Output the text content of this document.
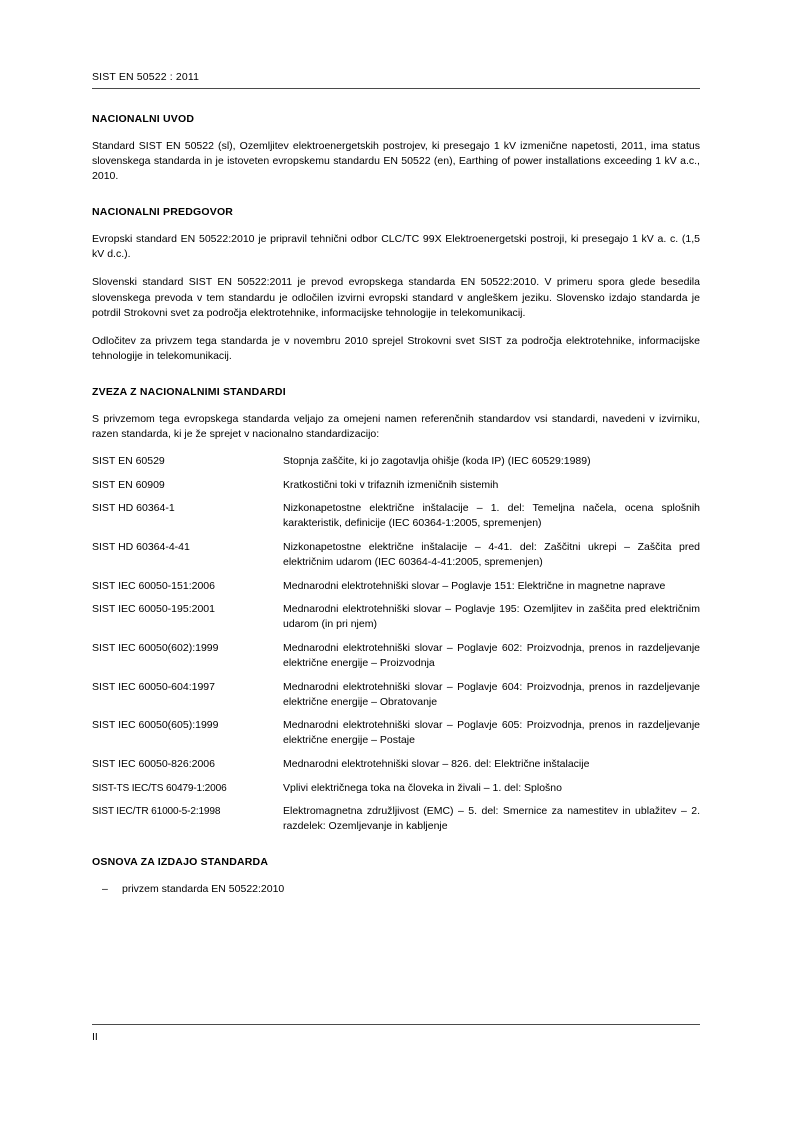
SIST EN 50522 : 2011
NACIONALNI UVOD

Standard SIST EN 50522 (sl), Ozemljitev elektroenergetskih postrojev, ki presegajo 1 kV izmenične napetosti, 2011, ima status slovenskega standarda in je istoveten evropskemu standardu EN 50522 (en), Earthing of power installations exceeding 1 kV a.c., 2010.

NACIONALNI PREDGOVOR

Evropski standard EN 50522:2010 je pripravil tehnični odbor CLC/TC 99X Elektroenergetski postroji, ki presegajo 1 kV a. c. (1,5 kV d.c.).

Slovenski standard SIST EN 50522:2011 je prevod evropskega standarda EN 50522:2010. V primeru spora glede besedila slovenskega prevoda v tem standardu je odločilen izvirni evropski standard v angleškem jeziku. Slovensko izdajo standarda je potrdil Strokovni svet za področja elektrotehnike, informacijske tehnologije in telekomunikacij.

Odločitev za privzem tega standarda je v novembru 2010 sprejel Strokovni svet SIST za področja elektrotehnike, informacijske tehnologije in telekomunikacij.

ZVEZA Z NACIONALNIMI STANDARDI

S privzemom tega evropskega standarda veljajo za omejeni namen referenčnih standardov vsi standardi, navedeni v izvirniku, razen standarda, ki je že sprejet v nacionalno standardizacijo:

SIST EN 60529	Stopnja zaščite, ki jo zagotavlja ohišje (koda IP) (IEC 60529:1989)
SIST EN 60909	Kratkostični toki v trifaznih izmeničnih sistemih
SIST HD 60364-1	Nizkonapetostne električne inštalacije – 1. del: Temeljna načela, ocena splošnih karakteristik, definicije (IEC 60364-1:2005, spremenjen)
SIST HD 60364-4-41	Nizkonapetostne električne inštalacije – 4-41. del: Zaščitni ukrepi – Zaščita pred električnim udarom (IEC 60364-4-41:2005, spremenjen)
SIST IEC 60050-151:2006	Mednarodni elektrotehniški slovar – Poglavje 151: Električne in magnetne naprave
SIST IEC 60050-195:2001	Mednarodni elektrotehniški slovar – Poglavje 195: Ozemljitev in zaščita pred električnim udarom (in pri njem)
SIST IEC 60050(602):1999	Mednarodni elektrotehniški slovar – Poglavje 602: Proizvodnja, prenos in razdeljevanje električne energije – Proizvodnja
SIST IEC 60050-604:1997	Mednarodni elektrotehniški slovar – Poglavje 604: Proizvodnja, prenos in razdeljevanje električne energije – Obratovanje
SIST IEC 60050(605):1999	Mednarodni elektrotehniški slovar – Poglavje 605: Proizvodnja, prenos in razdeljevanje električne energije – Postaje
SIST IEC 60050-826:2006	Mednarodni elektrotehniški slovar – 826. del: Električne inštalacije
SIST-TS IEC/TS 60479-1:2006	Vplivi električnega toka na človeka in živali – 1. del: Splošno
SIST IEC/TR 61000-5-2:1998	Elektromagnetna združljivost (EMC) – 5. del: Smernice za namestitev in ublažitev – 2. razdelek: Ozemljevanje in kabljenje
OSNOVA ZA IZDAJO STANDARDA
–	privzem standarda EN 50522:2010
II
